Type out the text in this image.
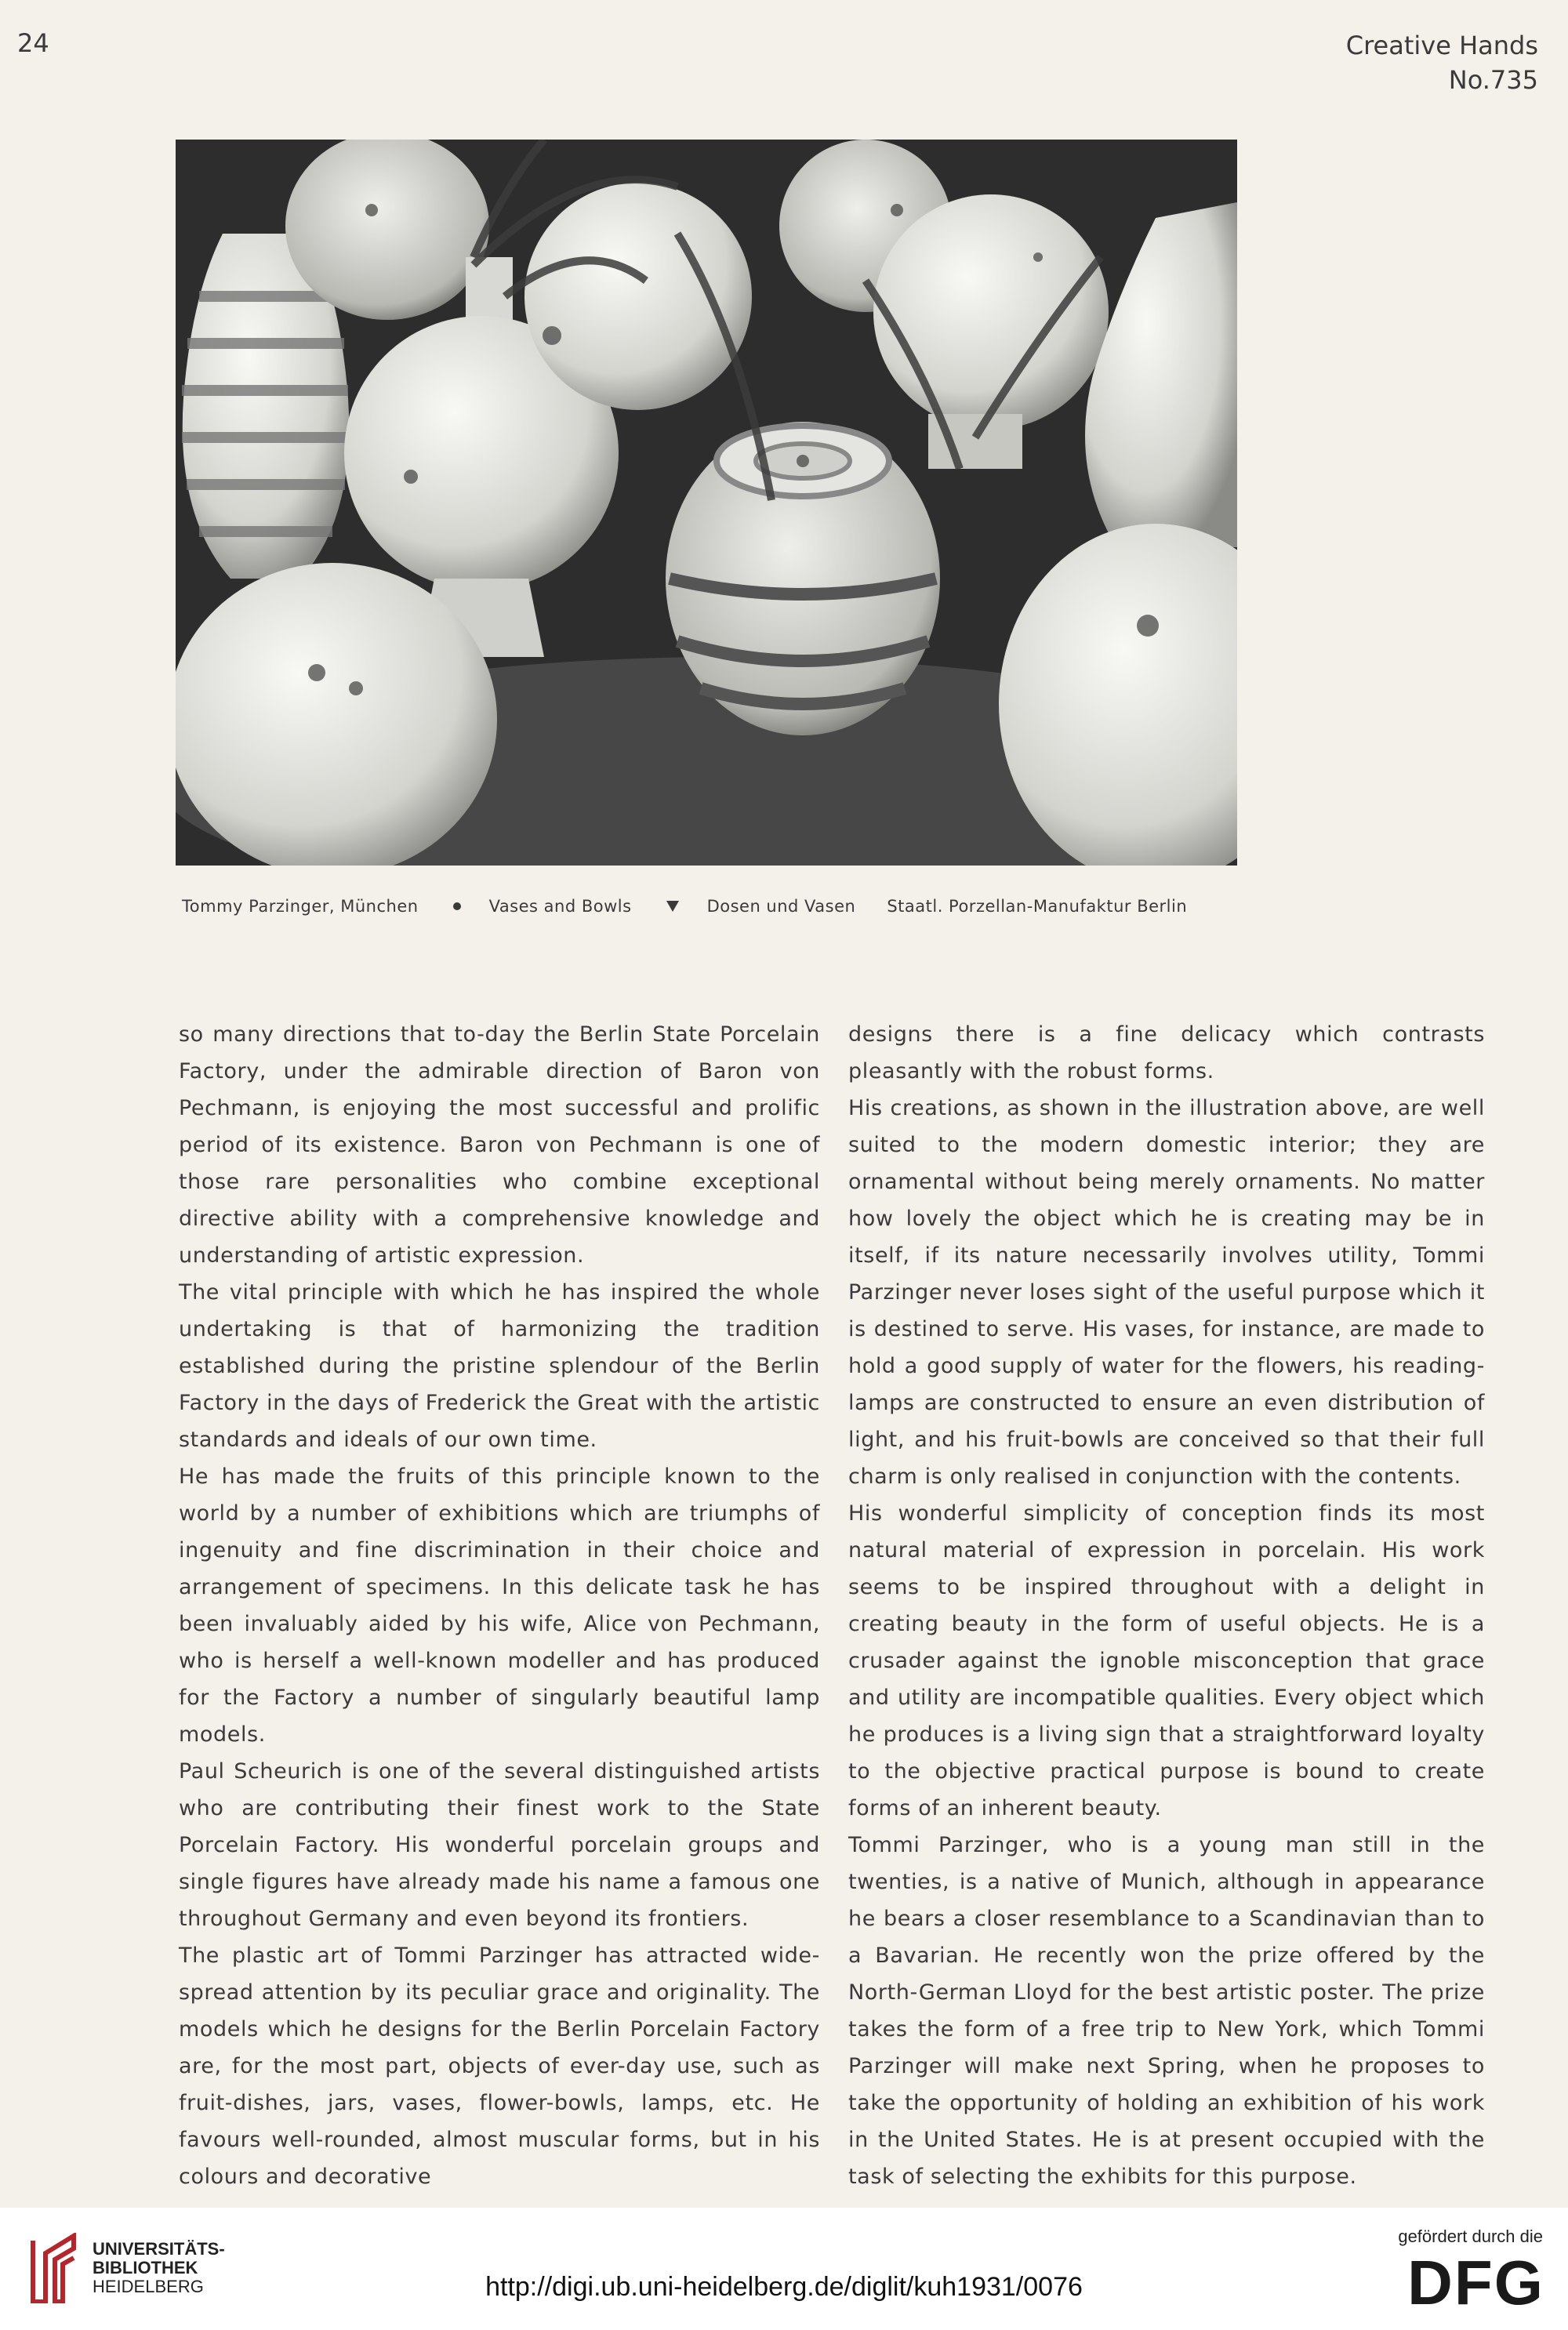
24	Creative Hands
No.735
Tommy Parzinger, München	Vases and Bowls	Dosen und Vasen Staatl. Porzellan-Manufaktur Berlin

so many directions that to-day the Berlin State Porcelain Factory, under the admirable direction of Baron von Pechmann, is enjoying the most successful and prolific period of its existence. Baron von Pechmann is one of those rare personalities who combine exceptional directive ability with a comprehensive knowledge and understanding of artistic expression.

The vital principle with which he has inspired the whole undertaking is that of harmonizing the tradition established during the pristine splendour of the Berlin Factory in the days of Frederick the Great with the artistic standards and ideals of our own time.

He has made the fruits of this principle known to the world by a number of exhibitions which are triumphs of ingenuity and fine discrimination in their choice and arrangement of specimens. In this delicate task he has been invaluably aided by his wife, Alice von Pechmann, who is herself a well-known modeller and has produced for the Factory a number of singularly beautiful lamp models.

Paul Scheurich is one of the several distinguished artists who are contributing their finest work to the State Porcelain Factory. His wonderful porcelain groups and single figures have already made his name a famous one throughout Germany and even beyond its frontiers.

The plastic art of Tommi Parzinger has attracted wide-spread attention by its peculiar grace and originality. The models which he designs for the Berlin Porcelain Factory are, for the most part, objects of ever-day use, such as fruit-dishes, jars, vases, flower-bowls, lamps, etc. He favours well-rounded, almost muscular forms, but in his colours and decorative

designs there is a fine delicacy which contrasts pleasantly with the robust forms.

His creations, as shown in the illustration above, are well suited to the modern domestic interior; they are ornamental without being merely ornaments. No matter how lovely the object which he is creating may be in itself, if its nature necessarily involves utility, Tommi Parzinger never loses sight of the useful purpose which it is destined to serve. His vases, for instance, are made to hold a good supply of water for the flowers, his reading-lamps are constructed to ensure an even distribution of light, and his fruit-bowls are conceived so that their full charm is only realised in conjunction with the contents.

His wonderful simplicity of conception finds its most natural material of expression in porcelain. His work seems to be inspired throughout with a delight in creating beauty in the form of useful objects. He is a crusader against the ignoble misconception that grace and utility are incompatible qualities. Every object which he produces is a living sign that a straightforward loyalty to the objective practical purpose is bound to create forms of an inherent beauty.

Tommi Parzinger, who is a young man still in the twenties, is a native of Munich, although in appearance he bears a closer resemblance to a Scandinavian than to a Bavarian. He recently won the prize offered by the North-German Lloyd for the best artistic poster. The prize takes the form of a free trip to New York, which Tommi Parzinger will make next Spring, when he proposes to take the opportunity of holding an exhibition of his work in the United States. He is at present occupied with the task of selecting the exhibits for this purpose.

UNIVERSITÄTS-
BIBLIOTHEK
HEIDELBERG	http://digi.ub.uni-heidelberg.de/diglit/kuh1931/0076
gefördert durch die
DFG
